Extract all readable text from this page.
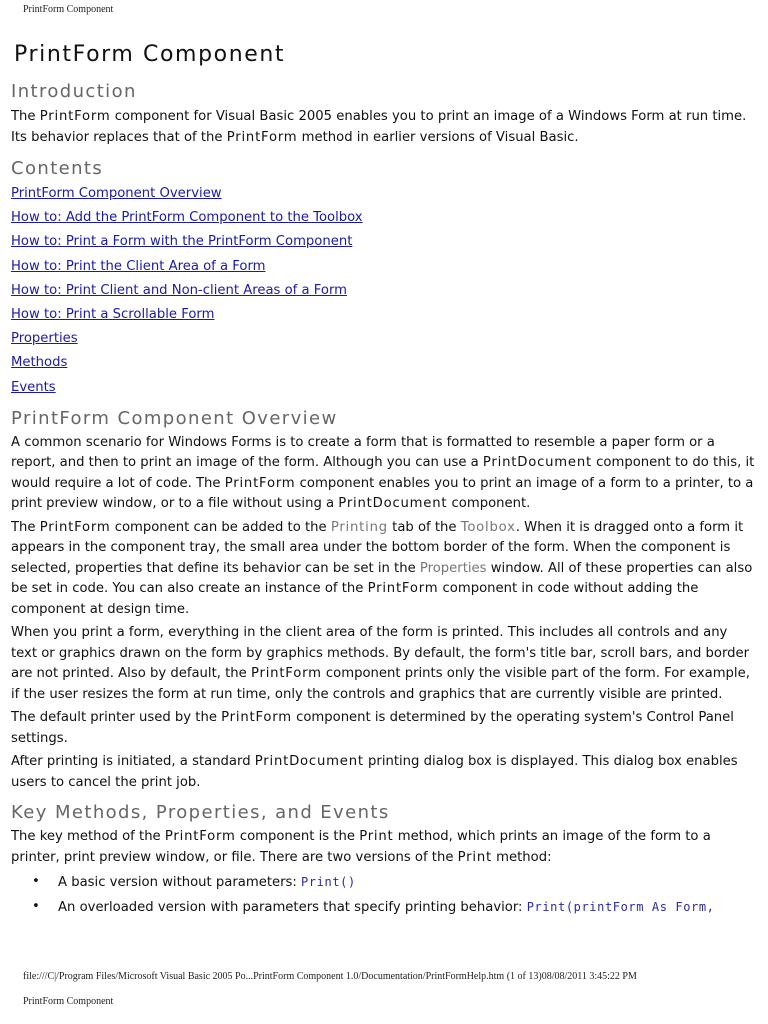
PrintForm Component
PrintForm Component
Introduction

The PrintForm component for Visual Basic 2005 enables you to print an image of a Windows Form at run time. Its behavior replaces that of the PrintForm method in earlier versions of Visual Basic.

Contents
PrintForm Component Overview
How to: Add the PrintForm Component to the Toolbox
How to: Print a Form with the PrintForm Component
How to: Print the Client Area of a Form
How to: Print Client and Non-client Areas of a Form
How to: Print a Scrollable Form
Properties
Methods
Events
PrintForm Component Overview

A common scenario for Windows Forms is to create a form that is formatted to resemble a paper form or a report, and then to print an image of the form. Although you can use a PrintDocument component to do this, it would require a lot of code. The PrintForm component enables you to print an image of a form to a printer, to a print preview window, or to a file without using a PrintDocument component.

The PrintForm component can be added to the Printing tab of the Toolbox. When it is dragged onto a form it appears in the component tray, the small area under the bottom border of the form. When the component is selected, properties that define its behavior can be set in the Properties window. All of these properties can also be set in code. You can also create an instance of the PrintForm component in code without adding the component at design time.

When you print a form, everything in the client area of the form is printed. This includes all controls and any text or graphics drawn on the form by graphics methods. By default, the form's title bar, scroll bars, and border are not printed. Also by default, the PrintForm component prints only the visible part of the form. For example, if the user resizes the form at run time, only the controls and graphics that are currently visible are printed.

The default printer used by the PrintForm component is determined by the operating system's Control Panel settings.

After printing is initiated, a standard PrintDocument printing dialog box is displayed. This dialog box enables users to cancel the print job.

Key Methods, Properties, and Events

The key method of the PrintForm component is the Print method, which prints an image of the form to a printer, print preview window, or file. There are two versions of the Print method:

• A basic version without parameters: Print()
• An overloaded version with parameters that specify printing behavior: Print(printForm As Form,
file:///C|/Program Files/Microsoft Visual Basic 2005 Po...PrintForm Component 1.0/Documentation/PrintFormHelp.htm (1 of 13)08/08/2011 3:45:22 PM
PrintForm Component
